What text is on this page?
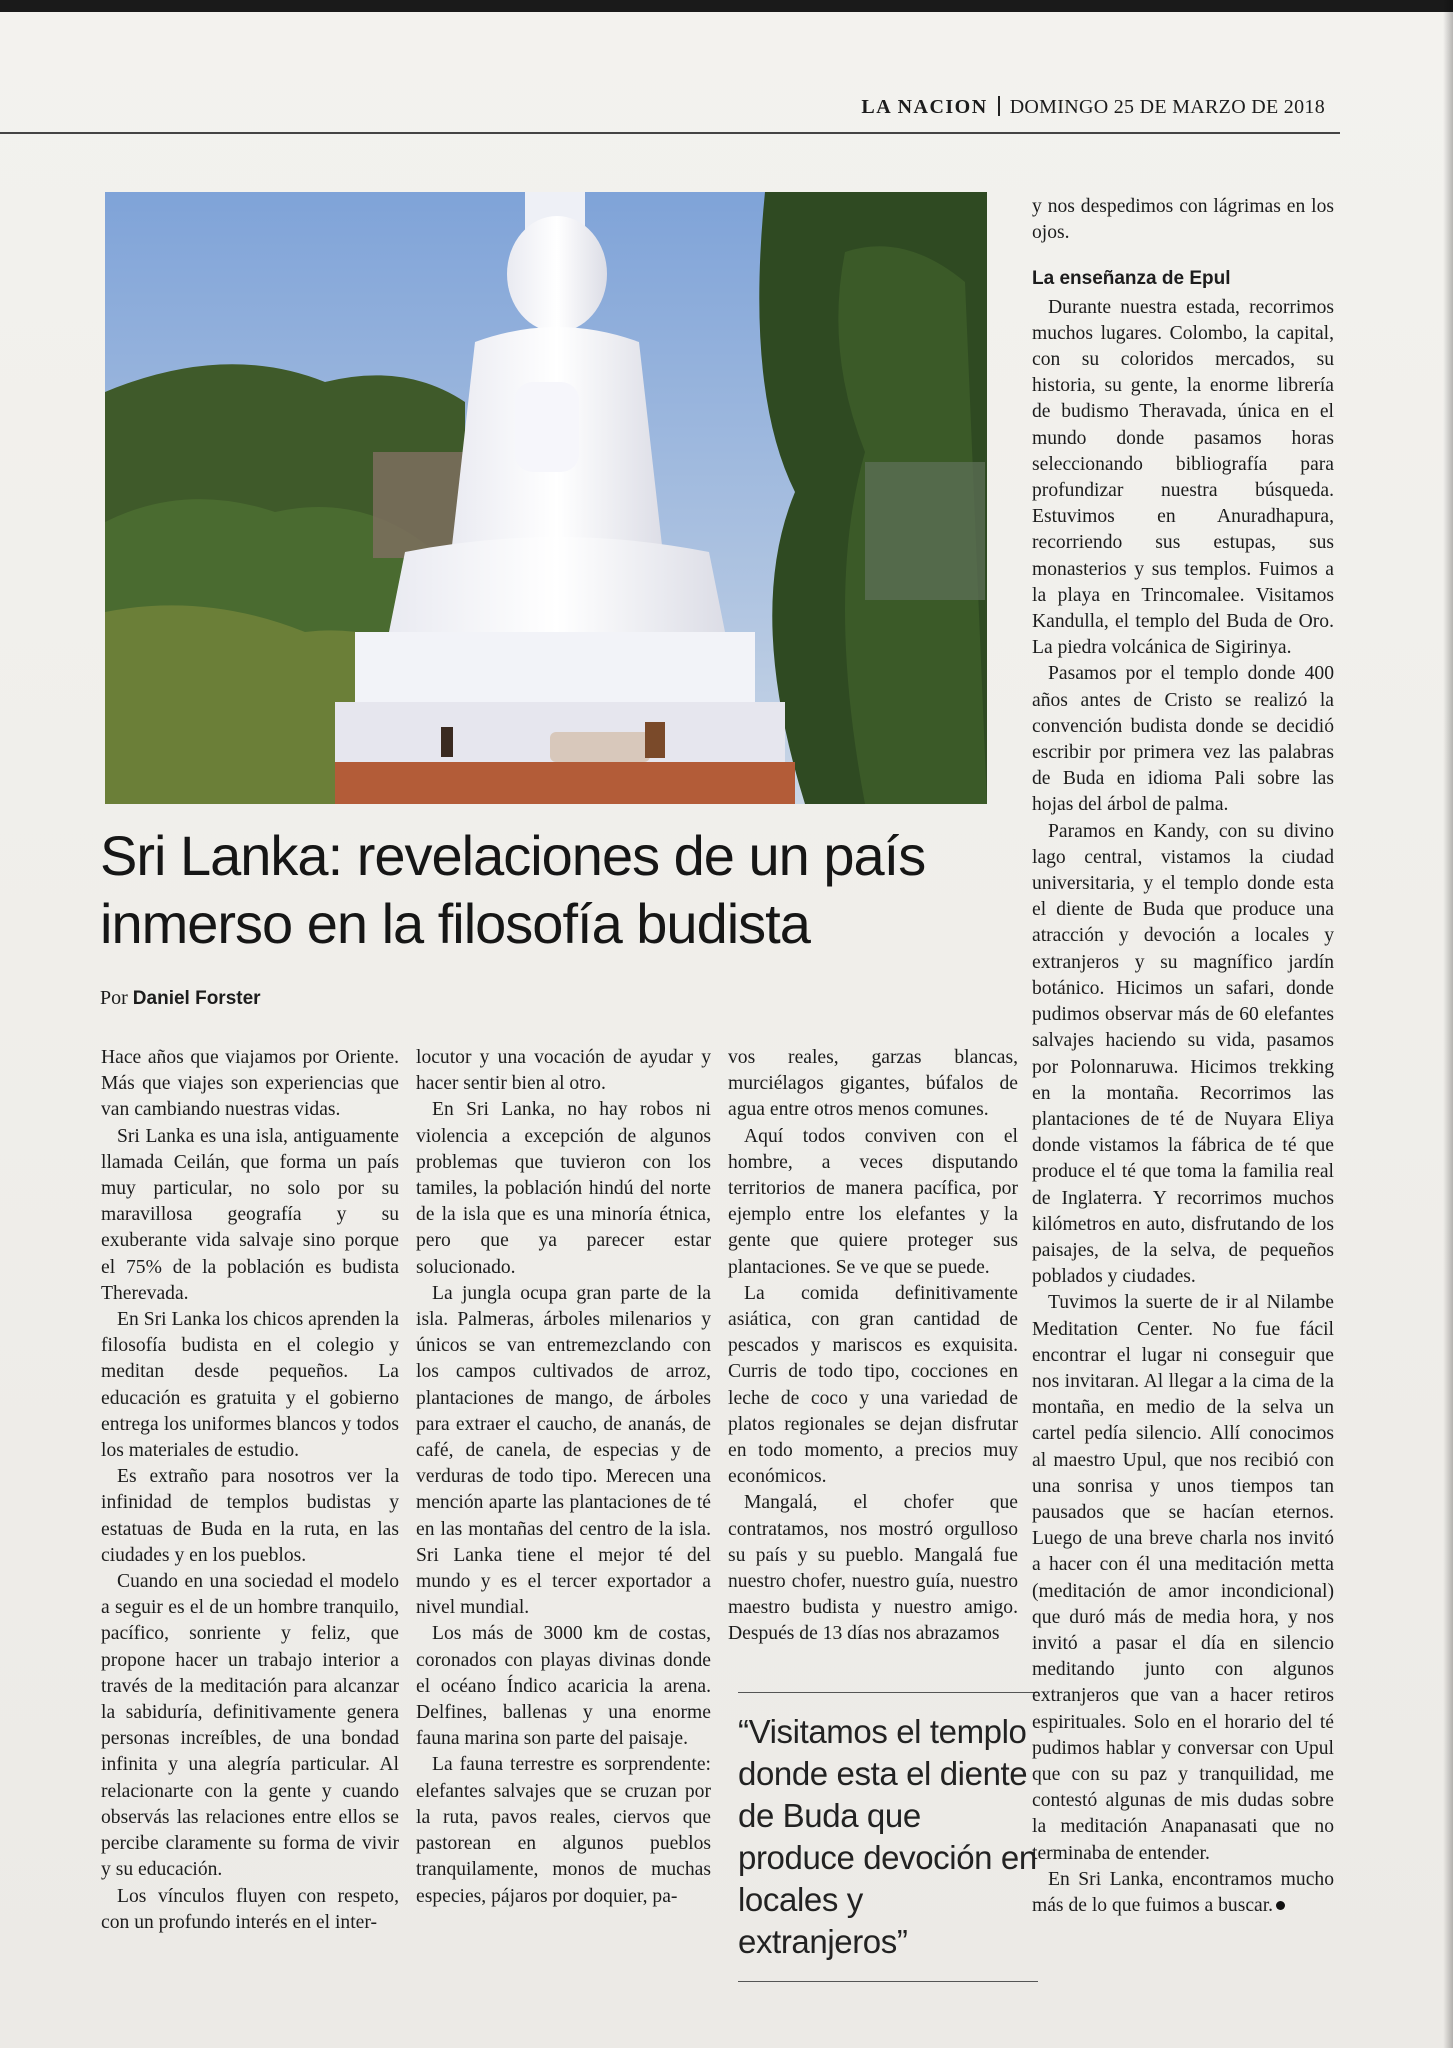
LA NACION DOMINGO 25 DE MARZO DE 2018
Sri Lanka: revelaciones de un país
inmerso en la filosofía budista
Por Daniel Forster

Hace años que viajamos por Oriente. Más que viajes son experiencias que van cambiando nuestras vidas.

Sri Lanka es una isla, antiguamente llamada Ceilán, que forma un país muy particular, no solo por su maravillosa geografía y su exuberante vida salvaje sino porque el 75% de la población es budista Therevada.

En Sri Lanka los chicos aprenden la filosofía budista en el colegio y meditan desde pequeños. La educación es gratuita y el gobierno entrega los uniformes blancos y todos los materiales de estudio.

Es extraño para nosotros ver la infinidad de templos budistas y estatuas de Buda en la ruta, en las ciudades y en los pueblos.

Cuando en una sociedad el modelo a seguir es el de un hombre tranquilo, pacífico, sonriente y feliz, que propone hacer un trabajo interior a través de la meditación para alcanzar la sabiduría, definitivamente genera personas increíbles, de una bondad infinita y una alegría particular. Al relacionarte con la gente y cuando observás las relaciones entre ellos se percibe claramente su forma de vivir y su educación.

Los vínculos fluyen con respeto, con un profundo interés en el inter-

locutor y una vocación de ayudar y hacer sentir bien al otro.

En Sri Lanka, no hay robos ni violencia a excepción de algunos problemas que tuvieron con los tamiles, la población hindú del norte de la isla que es una minoría étnica, pero que ya parecer estar solucionado.

La jungla ocupa gran parte de la isla. Palmeras, árboles milenarios y únicos se van entremezclando con los campos cultivados de arroz, plantaciones de mango, de árboles para extraer el caucho, de ananás, de café, de canela, de especias y de verduras de todo tipo. Merecen una mención aparte las plantaciones de té en las montañas del centro de la isla. Sri Lanka tiene el mejor té del mundo y es el tercer exportador a nivel mundial.

Los más de 3000 km de costas, coronados con playas divinas donde el océano Índico acaricia la arena. Delfines, ballenas y una enorme fauna marina son parte del paisaje.

La fauna terrestre es sorprendente: elefantes salvajes que se cruzan por la ruta, pavos reales, ciervos que pastorean en algunos pueblos tranquilamente, monos de muchas especies, pájaros por doquier, pa-

vos reales, garzas blancas, murciélagos gigantes, búfalos de agua entre otros menos comunes.

Aquí todos conviven con el hombre, a veces disputando territorios de manera pacífica, por ejemplo entre los elefantes y la gente que quiere proteger sus plantaciones. Se ve que se puede.

La comida definitivamente asiática, con gran cantidad de pescados y mariscos es exquisita. Curris de todo tipo, cocciones en leche de coco y una variedad de platos regionales se dejan disfrutar en todo momento, a precios muy económicos.

Mangalá, el chofer que contratamos, nos mostró orgulloso su país y su pueblo. Mangalá fue nuestro chofer, nuestro guía, nuestro maestro budista y nuestro amigo. Después de 13 días nos abrazamos

“Visitamos el templo donde esta el diente de Buda que produce devoción en locales y extranjeros”

y nos despedimos con lágrimas en los ojos.

La enseñanza de Epul

Durante nuestra estada, recorrimos muchos lugares. Colombo, la capital, con su coloridos mercados, su historia, su gente, la enorme librería de budismo Theravada, única en el mundo donde pasamos horas seleccionando bibliografía para profundizar nuestra búsqueda. Estuvimos en Anuradhapura, recorriendo sus estupas, sus monasterios y sus templos. Fuimos a la playa en Trincomalee. Visitamos Kandulla, el templo del Buda de Oro. La piedra volcánica de Sigirinya.

Pasamos por el templo donde 400 años antes de Cristo se realizó la convención budista donde se decidió escribir por primera vez las palabras de Buda en idioma Pali sobre las hojas del árbol de palma.

Paramos en Kandy, con su divino lago central, vistamos la ciudad universitaria, y el templo donde esta el diente de Buda que produce una atracción y devoción a locales y extranjeros y su magnífico jardín botánico. Hicimos un safari, donde pudimos observar más de 60 elefantes salvajes haciendo su vida, pasamos por Polonnaruwa. Hicimos trekking en la montaña. Recorrimos las plantaciones de té de Nuyara Eliya donde vistamos la fábrica de té que produce el té que toma la familia real de Inglaterra. Y recorrimos muchos kilómetros en auto, disfrutando de los paisajes, de la selva, de pequeños poblados y ciudades.

Tuvimos la suerte de ir al Nilambe Meditation Center. No fue fácil encontrar el lugar ni conseguir que nos invitaran. Al llegar a la cima de la montaña, en medio de la selva un cartel pedía silencio. Allí conocimos al maestro Upul, que nos recibió con una sonrisa y unos tiempos tan pausados que se hacían eternos. Luego de una breve charla nos invitó a hacer con él una meditación metta (meditación de amor incondicional) que duró más de media hora, y nos invitó a pasar el día en silencio meditando junto con algunos extranjeros que van a hacer retiros espirituales. Solo en el horario del té pudimos hablar y conversar con Upul que con su paz y tranquilidad, me contestó algunas de mis dudas sobre la meditación Anapanasati que no terminaba de entender.

En Sri Lanka, encontramos mucho más de lo que fuimos a buscar.
